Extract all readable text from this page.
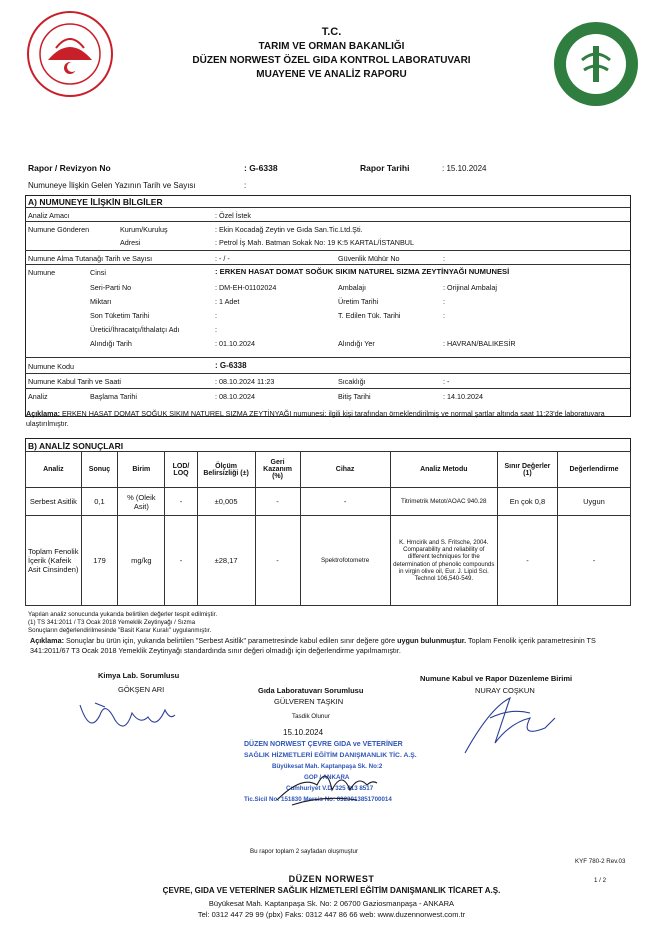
T.C.
TARIM VE ORMAN BAKANLIĞI
DÜZEN NORWEST ÖZEL GIDA KONTROL LABORATUVARI
MUAYENE VE ANALİZ RAPORU
Rapor / Revizyon No	: G-6338	Rapor Tarihi	: 15.10.2024
Numuneye İlişkin Gelen Yazının Tarih ve Sayısı	:
A) NUMUNEYE İLİŞKİN BİLGİLER
Analiz Amacı	: Özel İstek
Numune Gönderen	Kurum/Kuruluş	: Ekin Kocadağ Zeytin ve Gıda San.Tic.Ltd.Şti.
Adresi	: Petrol İş Mah. Batman Sokak No: 19 K:5 KARTAL/İSTANBUL
Numune Alma Tutanağı Tarih ve Sayısı	: - / -	Güvenlik Mühür No	:
Numune	Cinsi	: ERKEN HASAT DOMAT SOĞUK SIKIM NATUREL SIZMA ZEYTİNYAĞI NUMUNESİ
Seri-Parti No	: DM-EH-01102024	Ambalajı	: Orijinal Ambalaj
Miktarı	: 1 Adet	Üretim Tarihi	:
Son Tüketim Tarihi	:	T. Edilen Tük. Tarihi	:
Üretici/İhracatçı/İthalatçı Adı	:
Alındığı Tarih	: 01.10.2024	Alındığı Yer	: HAVRAN/BALIKESİR
Numune Kodu	: G-6338
Numune Kabul Tarih ve Saati	: 08.10.2024 11:23	Sıcaklığı	: -
Analiz	Başlama Tarihi	: 08.10.2024	Bitiş Tarihi	: 14.10.2024
Açıklama: ERKEN HASAT DOMAT SOĞUK SIKIM NATUREL SIZMA ZEYTİNYAĞI numunesi; ilgili kişi tarafından örneklendirilmiş ve normal şartlar altında saat 11:23'de laboratuvara ulaştırılmıştır.
B) ANALİZ SONUÇLARI
Analiz	Sonuç	Birim	LOD/ LOQ	Ölçüm Belirsizliği (±)	Geri Kazanım (%)	Cihaz	Analiz Metodu	Sınır Değerler (1)	Değerlendirme
Serbest Asitlik	0,1	% (Oleik Asit)	-	±0,005	-	-	Titrimetrik Metot/AOAC 940.28	En çok 0,8	Uygun
Toplam Fenolik İçerik (Kafeik Asit Cinsinden)	179	mg/kg	-	±28,17	-	Spektrofotometre	K. Hrncirik and S. Fritsche, 2004. Comparability and reliability of different techniques for the determination of phenolic compounds in virgin olive oil, Eur. J. Lipid Sci. Technol 106,540-549.	-	-
Yapılan analiz sonucunda yukarıda belirtilen değerler tespit edilmiştir.
(1) TS 341:2011 / T3 Ocak 2018 Yemeklik Zeytinyağı / Sızma
Sonuçların değerlendirilmesinde "Basit Karar Kuralı" uygulanmıştır.
Açıklama: Sonuçlar bu ürün için, yukarıda belirtilen "Serbest Asitlik" parametresinde kabul edilen sınır değere göre uygun bulunmuştur. Toplam Fenolik içerik parametresinin TS 341:2011/67 T3 Ocak 2018 Yemeklik Zeytinyağı standardında sınır değeri olmadığı için değerlendirme yapılmamıştır.
Kimya Lab. Sorumlusu
GÖKŞEN ARI	Gıda Laboratuvarı Sorumlusu
GÜLVEREN TAŞKIN
Tasdik Olunur
15.10.2024
Numune Kabul ve Rapor Düzenleme Birimi
NURAY COŞKUN
DÜZEN NORWEST ÇEVRE GIDA ve VETERİNER
SAĞLIK HİZMETLERİ EĞİTİM DANIŞMANLIK TİC. A.Ş.
Büyükesat Mah. Kaptanpaşa Sk. No:2
GOP / ANKARA
Cumhuriyet V.D. 325 013 8517
Tic.Sicil No: 151830 Mersis No: 0323013851700014
Bu rapor toplam 2 sayfadan oluşmuştur
KYF 780-2 Rev.03
1 / 2
DÜZEN NORWEST
ÇEVRE, GIDA VE VETERİNER SAĞLIK HİZMETLERİ EĞİTİM DANIŞMANLIK TİCARET A.Ş.
Büyükesat Mah. Kaptanpaşa Sk. No: 2 06700 Gaziosmanpaşa - ANKARA
Tel: 0312 447 29 99 (pbx) Faks: 0312 447 86 66 web: www.duzennorwest.com.tr
